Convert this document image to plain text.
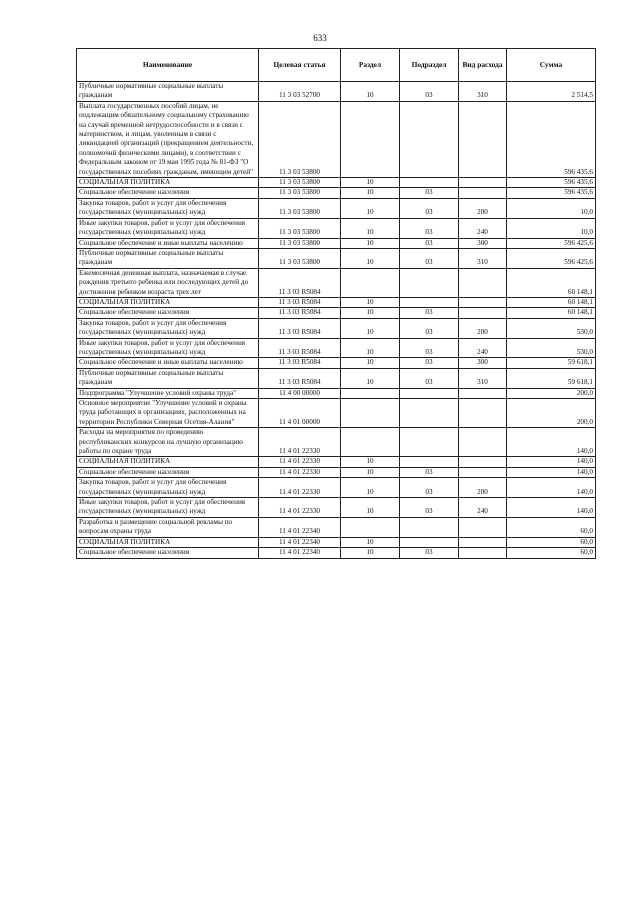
633
Наименование	Целевая статья	Раздел	Подраздел	Вид расхода	Сумма
Публичные нормативные социальные выплаты гражданам	11 3 03 52700	10	03	310	2 514,5
Выплата государственных пособий лицам, не подлежащим обязательному социальному страхованию на случай временной нетрудоспособности и в связи с материнством, и лицам, уволенным в связи с ликвидацией организаций (прекращением деятельности, полномочий физическими лицами), в соответствии с Федеральным законом от 19 мая 1995 года № 81-ФЗ "О государственных пособиях гражданам, имеющим детей"	11 3 03 53800				596 435,6
СОЦИАЛЬНАЯ ПОЛИТИКА	11 3 03 53800	10			596 435,6
Социальное обеспечение населения	11 3 03 53800	10	03		596 435,6
Закупка товаров, работ и услуг для обеспечения государственных (муниципальных) нужд	11 3 03 53800	10	03	200	10,0
Иные закупки товаров, работ и услуг для обеспечения государственных (муниципальных) нужд	11 3 03 53800	10	03	240	10,0
Социальное обеспечение и иные выплаты населению	11 3 03 53800	10	03	300	596 425,6
Публичные нормативные социальные выплаты гражданам	11 3 03 53800	10	03	310	596 425,6
Ежемесячная денежная выплата, назначаемая в случае рождения третьего ребенка или последующих детей до достижения ребенком возраста трех лет	11 3 03 R5084				60 148,1
СОЦИАЛЬНАЯ ПОЛИТИКА	11 3 03 R5084	10			60 148,1
Социальное обеспечение населения	11 3 03 R5084	10	03		60 148,1
Закупка товаров, работ и услуг для обеспечения государственных (муниципальных) нужд	11 3 03 R5084	10	03	200	530,0
Иные закупки товаров, работ и услуг для обеспечения государственных (муниципальных) нужд	11 3 03 R5084	10	03	240	530,0
Социальное обеспечение и иные выплаты населению	11 3 03 R5084	10	03	300	59 618,1
Публичные нормативные социальные выплаты гражданам	11 3 03 R5084	10	03	310	59 618,1
Подпрограмма "Улучшение условий охраны труда"	11 4 00 00000				200,0
Основное мероприятие "Улучшение условий и охраны труда работающих в организациях, расположенных на территории Республики Северная Осетия-Алания"	11 4 01 00000				200,0
Расходы на мероприятия по проведению республиканских конкурсов на лучшую организацию работы по охране труда	11 4 01 22330				140,0
СОЦИАЛЬНАЯ ПОЛИТИКА	11 4 01 22330	10			140,0
Социальное обеспечение населения	11 4 01 22330	10	03		140,0
Закупка товаров, работ и услуг для обеспечения государственных (муниципальных) нужд	11 4 01 22330	10	03	200	140,0
Иные закупки товаров, работ и услуг для обеспечения государственных (муниципальных) нужд	11 4 01 22330	10	03	240	140,0
Разработка и размещение социальной рекламы по вопросам охраны труда	11 4 01 22340				60,0
СОЦИАЛЬНАЯ ПОЛИТИКА	11 4 01 22340	10			60,0
Социальное обеспечение населения	11 4 01 22340	10	03		60,0
